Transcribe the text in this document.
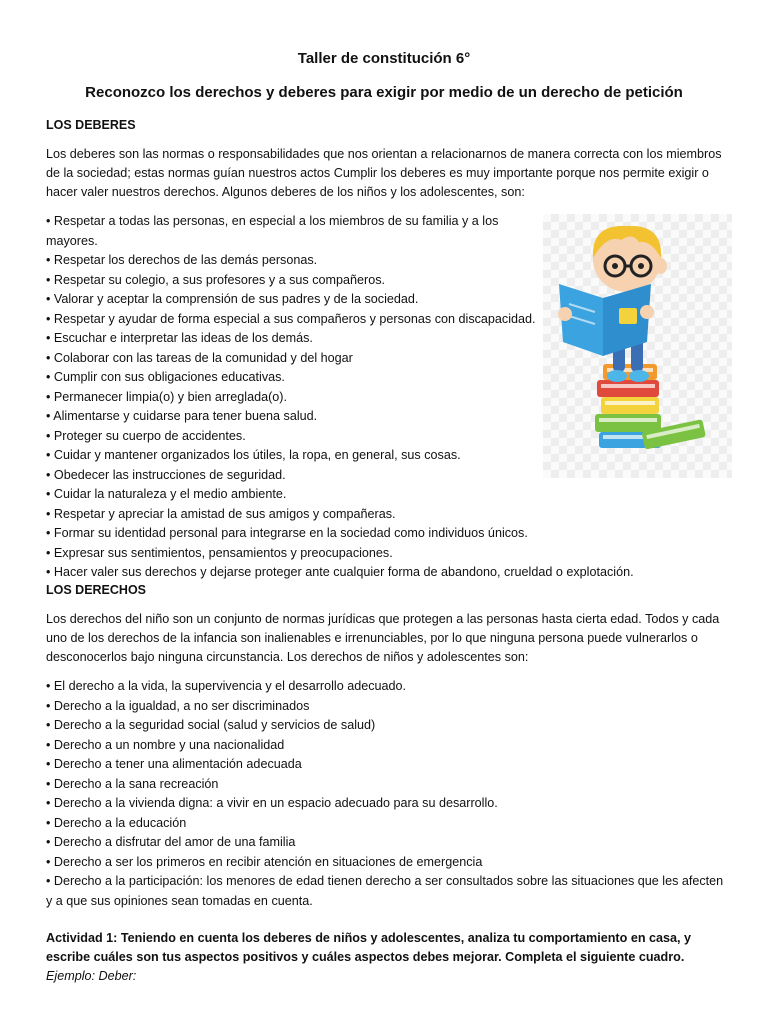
Taller de constitución 6°
Reconozco los derechos y deberes para exigir por medio de un derecho de petición
LOS DEBERES

Los deberes son las normas o responsabilidades que nos orientan a relacionarnos de manera correcta con los miembros de la sociedad; estas normas guían nuestros actos Cumplir los deberes es muy importante porque nos permite exigir o hacer valer nuestros derechos. Algunos deberes de los niños y los adolescentes, son:

• Respetar a todas las personas, en especial a los miembros de su familia y a los mayores.
• Respetar los derechos de las demás personas.
• Respetar su colegio, a sus profesores y a sus compañeros.
• Valorar y aceptar la comprensión de sus padres y de la sociedad.
• Respetar y ayudar de forma especial a sus compañeros y personas con discapacidad.
• Escuchar e interpretar las ideas de los demás.
• Colaborar con las tareas de la comunidad y del hogar
• Cumplir con sus obligaciones educativas.
• Permanecer limpia(o) y bien arreglada(o).
• Alimentarse y cuidarse para tener buena salud.
• Proteger su cuerpo de accidentes.
• Cuidar y mantener organizados los útiles, la ropa, en general, sus cosas.
• Obedecer las instrucciones de seguridad.
• Cuidar la naturaleza y el medio ambiente.
• Respetar y apreciar la amistad de sus amigos y compañeras.
• Formar su identidad personal para integrarse en la sociedad como individuos únicos.
• Expresar sus sentimientos, pensamientos y preocupaciones.
• Hacer valer sus derechos y dejarse proteger ante cualquier forma de abandono, crueldad o explotación.
LOS DERECHOS

Los derechos del niño son un conjunto de normas jurídicas que protegen a las personas hasta cierta edad. Todos y cada uno de los derechos de la infancia son inalienables e irrenunciables, por lo que ninguna persona puede vulnerarlos o desconocerlos bajo ninguna circunstancia. Los derechos de niños y adolescentes son:

• El derecho a la vida, la supervivencia y el desarrollo adecuado.
• Derecho a la igualdad, a no ser discriminados
• Derecho a la seguridad social (salud y servicios de salud)
• Derecho a un nombre y una nacionalidad
• Derecho a tener una alimentación adecuada
• Derecho a la sana recreación
• Derecho a la vivienda digna: a vivir en un espacio adecuado para su desarrollo.
• Derecho a la educación
• Derecho a disfrutar del amor de una familia
• Derecho a ser los primeros en recibir atención en situaciones de emergencia
• Derecho a la participación: los menores de edad tienen derecho a ser consultados sobre las situaciones que les afecten y a que sus opiniones sean tomadas en cuenta.

Actividad 1: Teniendo en cuenta los deberes de niños y adolescentes, analiza tu comportamiento en casa, y escribe cuáles son tus aspectos positivos y cuáles aspectos debes mejorar. Completa el siguiente cuadro. Ejemplo: Deber:
